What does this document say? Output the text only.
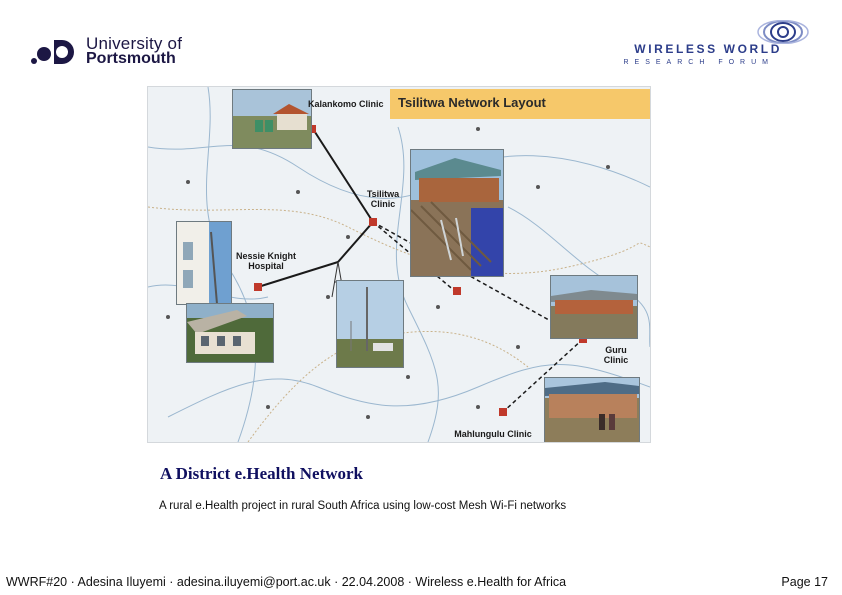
University of
Portsmouth
WIRELESS WORLD
RESEARCH FORUM
Tsilitwa Network Layout
Kalankomo Clinic
Tsilitwa Clinic
Nessie Knight Hospital
Guru Clinic
Mahlungulu Clinic
A District e.Health Network
A rural e.Health project in rural South Africa using low-cost Mesh Wi-Fi networks
WWRF#20 · Adesina Iluyemi · adesina.iluyemi@port.ac.uk · 22.04.2008 · Wireless e.Health for Africa	Page 17
